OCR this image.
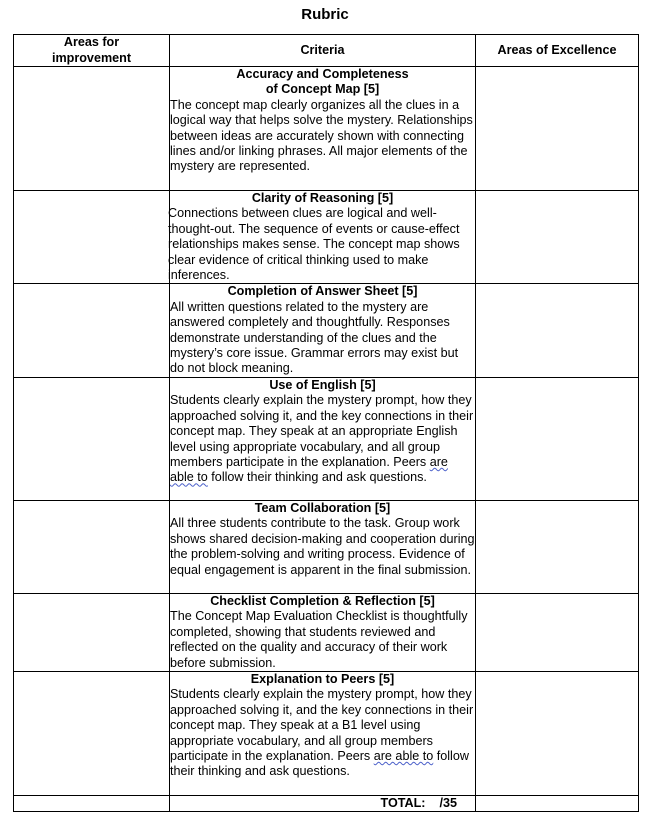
Rubric
Areas for improvement	Criteria	Areas of Excellence

	Accuracy and Completeness
of Concept Map [5]
The concept map clearly organizes all the clues in a logical way that helps solve the mystery. Relationships between ideas are accurately shown with connecting lines and/or linking phrases. All major elements of the mystery are represented.	

	Clarity of Reasoning [5]
Connections between clues are logical and well-thought-out. The sequence of events or cause-effect relationships makes sense. The concept map shows clear evidence of critical thinking used to make inferences.	

	Completion of Answer Sheet [5]
All written questions related to the mystery are answered completely and thoughtfully. Responses demonstrate understanding of the clues and the mystery’s core issue. Grammar errors may exist but do not block meaning.	

	Use of English [5]
Students clearly explain the mystery prompt, how they approached solving it, and the key connections in their concept map. They speak at an appropriate English level using appropriate vocabulary, and all group members participate in the explanation. Peers are able to follow their thinking and ask questions.	

	Team Collaboration [5]
All three students contribute to the task. Group work shows shared decision-making and cooperation during the problem-solving and writing process. Evidence of equal engagement is apparent in the final submission.	

	Checklist Completion & Reflection [5]
The Concept Map Evaluation Checklist is thoughtfully completed, showing that students reviewed and reflected on the quality and accuracy of their work before submission.	

	Explanation to Peers [5]
Students clearly explain the mystery prompt, how they approached solving it, and the key connections in their concept map. They speak at a B1 level using appropriate vocabulary, and all group members participate in the explanation. Peers are able to follow their thinking and ask questions.	

	TOTAL:    /35	
